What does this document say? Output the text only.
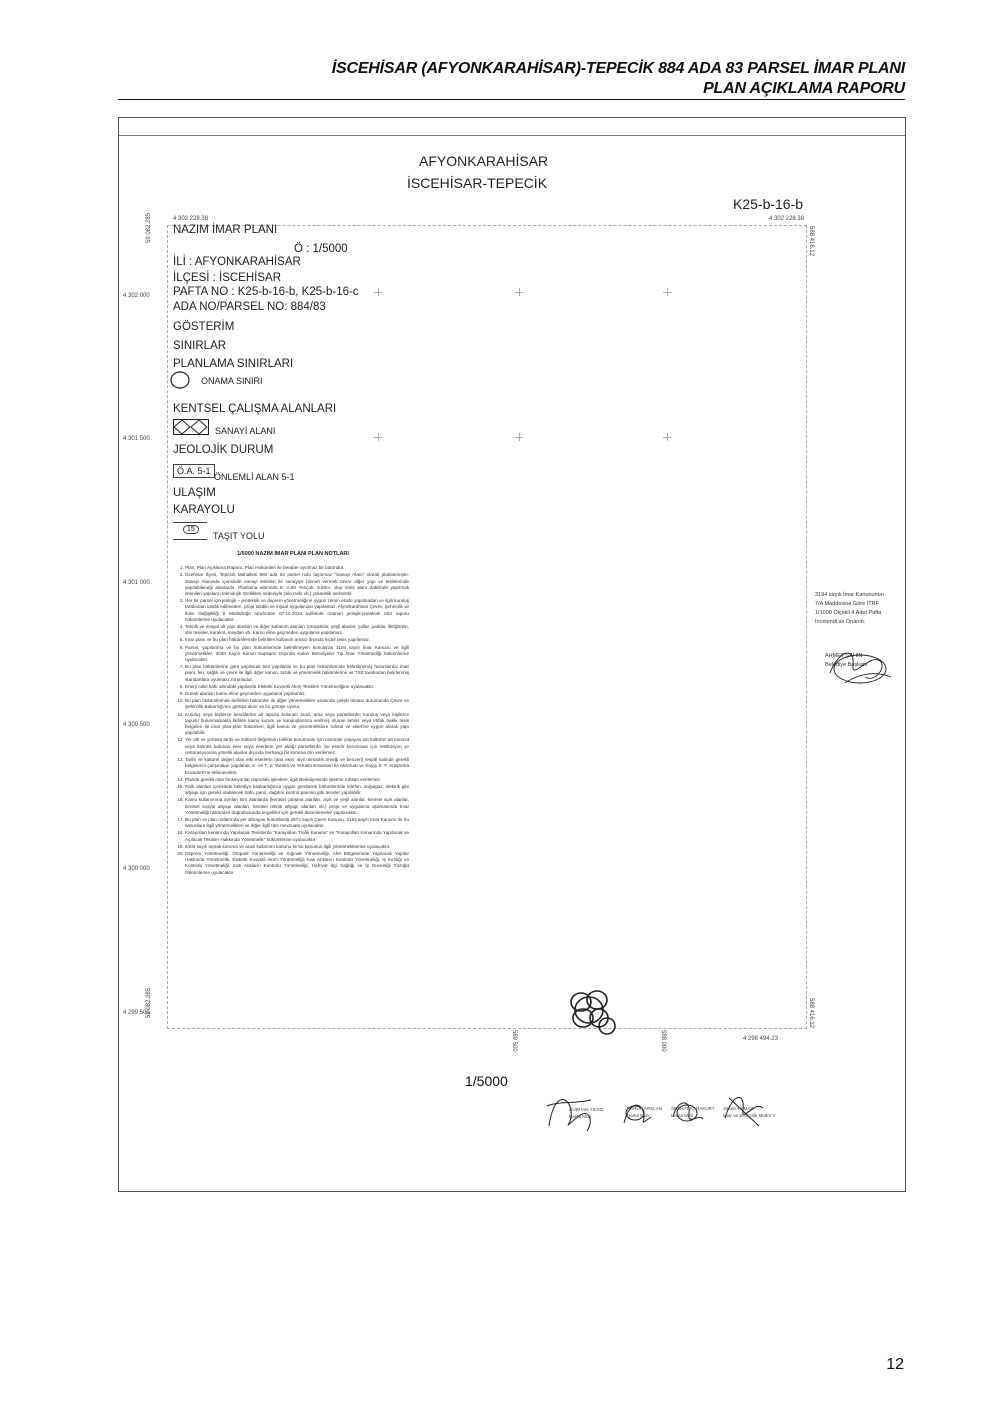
İSCEHİSAR (AFYONKARAHİSAR)-TEPECİK 884 ADA 83 PARSEL İMAR PLANI
PLAN AÇIKLAMA RAPORU
AFYONKARAHİSAR
İSCEHİSAR-TEPECİK
K25-b-16-b
4 302 228.38	4 302 228.38
4 302 000
4 301 500
4 301 000
4 300 500
4 300 000
4 299 500
59 082.285
59 082.285
588 416.12
588 416.12
4 298 494.23
589 500	588 000
NAZIM İMAR PLANI
Ö : 1/5000
İLİ : AFYONKARAHİSAR
İLÇESİ : İSCEHİSAR
PAFTA NO : K25-b-16-b, K25-b-16-c
ADA NO/PARSEL NO: 884/83
GÖSTERİM
SINIRLAR
PLANLAMA SINIRLARI
ONAMA SINIRI
KENTSEL ÇALIŞMA ALANLARI
SANAYİ ALANI
JEOLOJİK DURUM
Ö.A. 5-1
ÖNLEMLİ ALAN 5-1
ULAŞIM
KARAYOLU
15
TAŞIT YOLU
1/5000 NAZIM İMAR PLANI PLAN NOTLARI
1. Plan, Plan Açıklama Raporu, Plan Hükümleri ile beraber ayrılmaz bir bütündür.
2. İscehisar İlçesi, Tepecik Mahallesi 884 ada 83 parsel nolu taşınmaz "Sanayi Alanı" olarak planlanmıştır. Sanayi Alanında içerisinde sanayi tesisleri ile sanayiye hizmet vermek üzere diğer yapı ve tesislerinde yapılabileceği alanlardır. Planlama alanında E: 0,50 Yençok: 6.50m. olup tesis alanı dahilinde yapılmak istenilen yapıların teknolojik özellikleri nedeniyle (silo,trafo vb.) yükseklik serbesttir.
3. Her bir parsel için jeolojik – jeoteknik ve deprem yönetmeliğine uygun zemin etüdü yapılmadan ve ilgili kuruluş tarafından tasdik edilmeden, proje tasdiki ve inşaat uygulaması yapılamaz. Afyonkarahisar Çevre, Şehircilik ve İklim Değişikliği İl Müdürlüğü tarafından 07.10.2024 tarihinde onanan jeolojik-jeoteknik etüt raporu hükümlerine uyulacaktır.
4. Teknik ve sosyal alt yapı alanları ve diğer kullanım alanları (otoparklar, yeşil alanlar, yollar, parklar, ilköğretim, dini tesisler, karakol, meydan vb. Kamu eline geçmeden uygulama yapılamaz.
5. İmar planı ve bu plan hükümlerinde belirtilen kullanım amacı dışında hiçbir tesis yapılamaz.
6. Parsel, yapılanma ve bu plan hükümlerinde belirtilmeyen konularda 3194 sayılı İmar Kanunu ve ilgili yönetmelikler, 3030 Sayılı Kanun Kapsamı Dışında Kalan Belediyeler Tip İmar Yönetmeliği hükümlerine uyulacaktır.
7. Bu plan hükümlerine göre yapılacak tüm yapılarda ve bu plan hükümlerinde belirtilmemiş hususlarda; imar planı, fen, sağlık ve çevre ile ilgili diğer kanun, tüzük ve yönetmelik hükümlerine ve TSE tarafından belirlenmiş standartlara uyulması zorunludur.
8. Enerji nakil hattı altındaki yapılarda Elektrik Kuvvetli Akım Tesisleri Yönetmeliğine uyulacaktır.
9. Donatı alanları kamu eline geçmeden uygulama yapılamaz.
10. Bu plan hükümlerinde belirtilen hükümler ile diğer yönetmelikler arasında çelişki olması durumunda Çevre ve Şehircilik Bakanlığı'nın görüşü alınır ve bu görüşe uyulur.
11. Kuruluş veya kişilerce kendilerine ait tapusu bulunan arazi, arsa veya parsellerde; kuruluş veya kişilerce tapusu bulunmamakla birlikte kamu kurum ve kuruluşlarınca verilmiş olunan tahsis veya irtifak hakkı tesis belgeleri ile imar plan-plan hükümleri, ilgili kanun ve yönetmeliklere ruhsat ve eklerine uygun olarak yapı yapılabilir.
12. Yer altı ve yerüstü tarihi ve kültürel değerlerin birlikte korunması için üzerinde yaşayan üst kültürün ait mevcut veya kalıntıs bulunan eser veya eserlerin yer aldığı parsellerde, bu eserin korunması için restitüsyon ve restorasyonuna yönelik alanlar dışında herhangi bir koruma izin verilemez.
13. Tarihi ve kültürel değeri olan etki eserlerin (anıt eser, sivil mimarlık örneği ve benzeri) tespiti halinde gerekli belgelerini çalışmaları yapılarak, K. ve T. V. Yaratılı ve Yerüstü Envanteri ile Mevzuat ve Kaygı E. F. Araştırma Envanteri'ne eklenecektir.
14. Planda gerekli olan fonksiyonlar dışındaki işlevlere; ilgili Belediyesinde işletme ruhsatı verilemez.
15. Park alanları içerisinde belediye başkanlığınca uygun görülecek bölümlerinde telefon, doğalgaz, elektrik gibi altyapı için gerekli olabilecek trafo, pano, dağıtım kontrol panosu gibi tesisler yapılabilir.
16. Kamu kullanımına ayrılan tüm alanlarda (kentsel çalışma alanları, açık ve yeşil alanlar, kentsel açık alanlar, kentsel sosyal altyapı alanları, kentsel teknik altyapı alanları vb.) proje ve uygulama aşamasında İmar Yönetmeliği hükümleri doğrultusunda engelliler için gerekli düzenlemeler yapılacaktır.
17. Bu plan ve plan notlarında yer almayan hususlarda 2872 sayılı Çevre Kanunu, 3194 sayılı İmar Kanunu ile bu kanunlara ilgili yönetmelikleri ve diğer ilgili tüm mevzuata uyulacaktır.
18. Karayolları kenarında Yapılacak Tesislerde "Karayolları Trafik Kanunu" ve "Karayolları Kenarında Yapılacak ve Açılacak Tesisler Hakkında Yönetmelik" hükümlerine uyulacaktır.
19. 5403 sayılı toprak koruma ve arazi kullanımı kanunu ile bu kanunun ilgili yönetmeliklerine uyulacaktır.
20. Deprem Yönetmeliği, Otopark Yönetmeliği ve Sığınak Yönetmeliği, Afet Bölgelerinde Yapılacak Yapılar Hakkında Yönetmelik, Elektrik Kuvvetli Akım Yönetmeliği, Katı Atıkların Kontrolü Yönetmeliği, İş Kırlılığı ve Kontrolü Yönetmeliği, Katı Atıkların Kontrolü Yönetmeliği, Hafriyat İşçi Sağlığı ve İş Güvenliği Tüzüğü hükümlerine uyulacaktır.
3194 sayılı İmar Kanununun
7/A Maddesine Göre ITRF
1/1000 Ölçekli 4 Adet Pafta
İncelendi ve Onandı.
AHMET ŞAHİN
Belediye Başkanı
1/5000
GÜRHAN YILDIZ
Harita Müh.
HARUN ARSLAN
Harita Müh.
SERHAT KARAKURT
Harita Müh.
Sinnet YILMAZ
İmar ve Şehircilik Müdür V.
12
